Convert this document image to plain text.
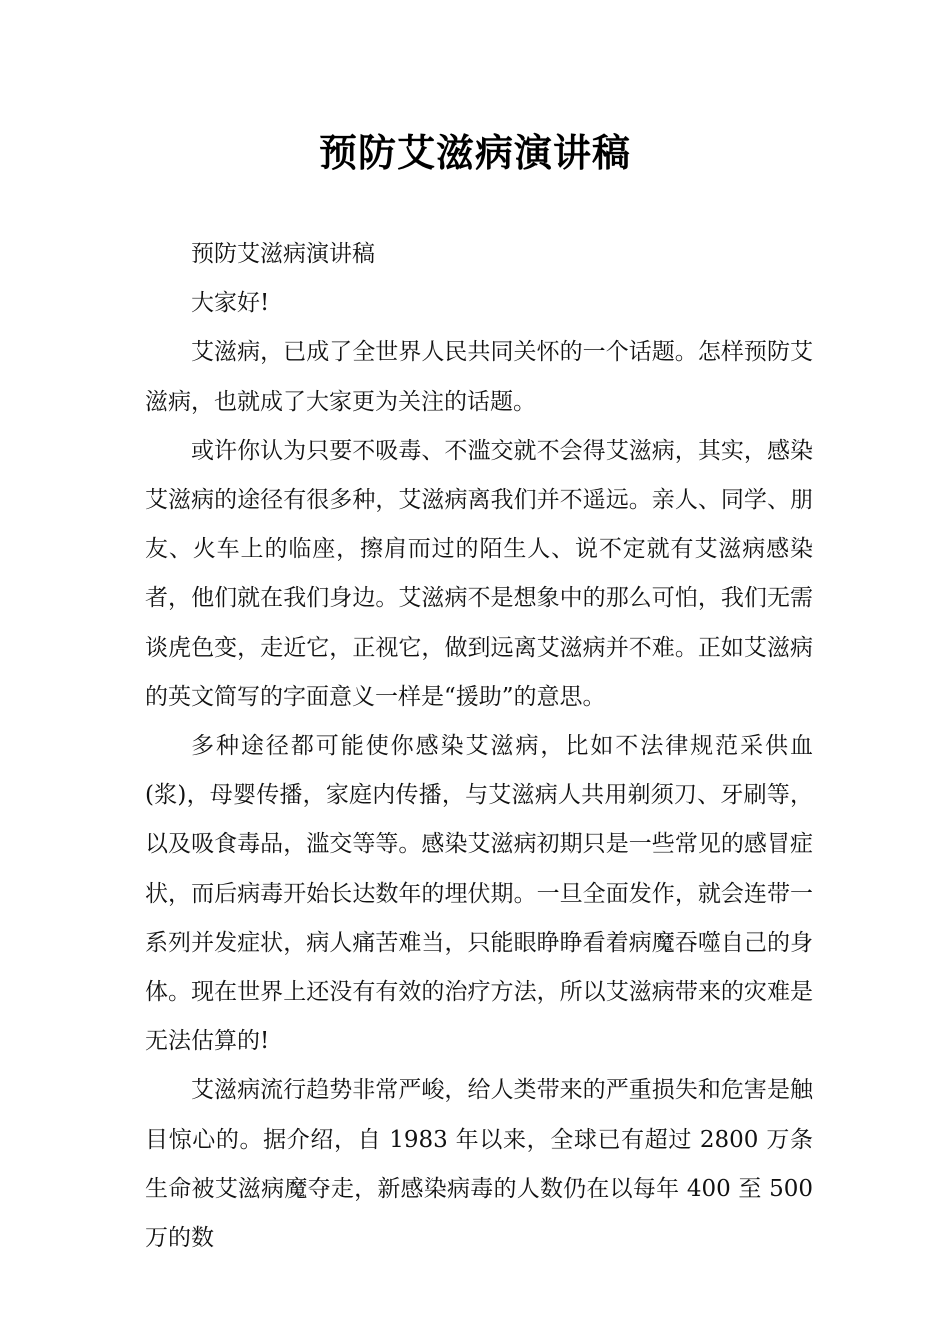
预防艾滋病演讲稿

预防艾滋病演讲稿

大家好!

艾滋病，已成了全世界人民共同关怀的一个话题。怎样预防艾滋病，也就成了大家更为关注的话题。

或许你认为只要不吸毒、不滥交就不会得艾滋病，其实，感染艾滋病的途径有很多种，艾滋病离我们并不遥远。亲人、同学、朋友、火车上的临座，擦肩而过的陌生人、说不定就有艾滋病感染者，他们就在我们身边。艾滋病不是想象中的那么可怕，我们无需谈虎色变，走近它，正视它，做到远离艾滋病并不难。正如艾滋病的英文简写的字面意义一样是“援助”的意思。

多种途径都可能使你感染艾滋病，比如不法律规范采供血(浆)，母婴传播，家庭内传播，与艾滋病人共用剃须刀、牙刷等，以及吸食毒品，滥交等等。感染艾滋病初期只是一些常见的感冒症状，而后病毒开始长达数年的埋伏期。一旦全面发作，就会连带一系列并发症状，病人痛苦难当，只能眼睁睁看着病魔吞噬自己的身体。现在世界上还没有有效的治疗方法，所以艾滋病带来的灾难是无法估算的!

艾滋病流行趋势非常严峻，给人类带来的严重损失和危害是触目惊心的。据介绍，自 1983 年以来，全球已有超过 2800 万条生命被艾滋病魔夺走，新感染病毒的人数仍在以每年 400 至 500 万的数
